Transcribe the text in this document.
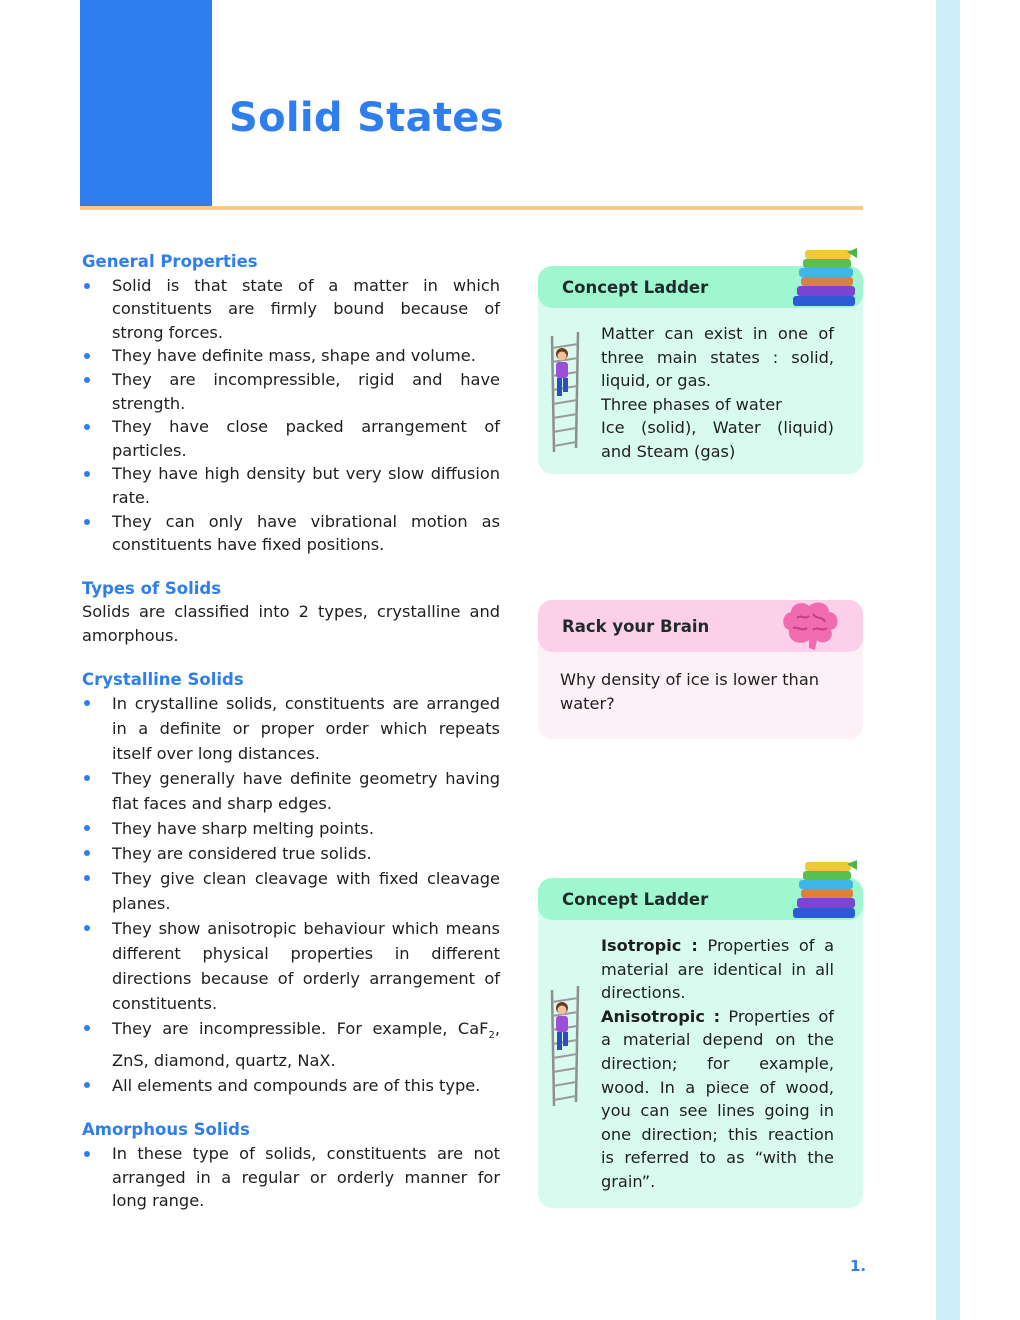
Solid States

General Properties

Solid is that state of a matter in which constituents are firmly bound because of strong forces.
They have definite mass, shape and volume.
They are incompressible, rigid and have strength.
They have close packed arrangement of particles.
They have high density but very slow diffusion rate.
They can only have vibrational motion as constituents have fixed positions.

Types of Solids

Solids are classified into 2 types, crystalline and amorphous.

Crystalline Solids

In crystalline solids, constituents are arranged in a definite or proper order which repeats itself over long distances.
They generally have definite geometry having flat faces and sharp edges.
They have sharp melting points.
They are considered true solids.
They give clean cleavage with fixed cleavage planes.
They show anisotropic behaviour which means different physical properties in different directions because of orderly arrangement of constituents.
They are incompressible. For example, CaF$_2$, ZnS, diamond, quartz, NaX.
All elements and compounds are of this type.

Amorphous Solids

In these type of solids, constituents are not arranged in a regular or orderly manner for long range.
Concept Ladder
Matter can exist in one of three main states : solid, liquid, or gas.
Three phases of water
Ice (solid), Water (liquid) and Steam (gas)
Rack your Brain
Why density of ice is lower than water?
Concept Ladder
Isotropic : Properties of a material are identical in all directions.
Anisotropic : Properties of a material depend on the direction; for example, wood. In a piece of wood, you can see lines going in one direction; this reaction is referred to as “with the grain”.
1.
